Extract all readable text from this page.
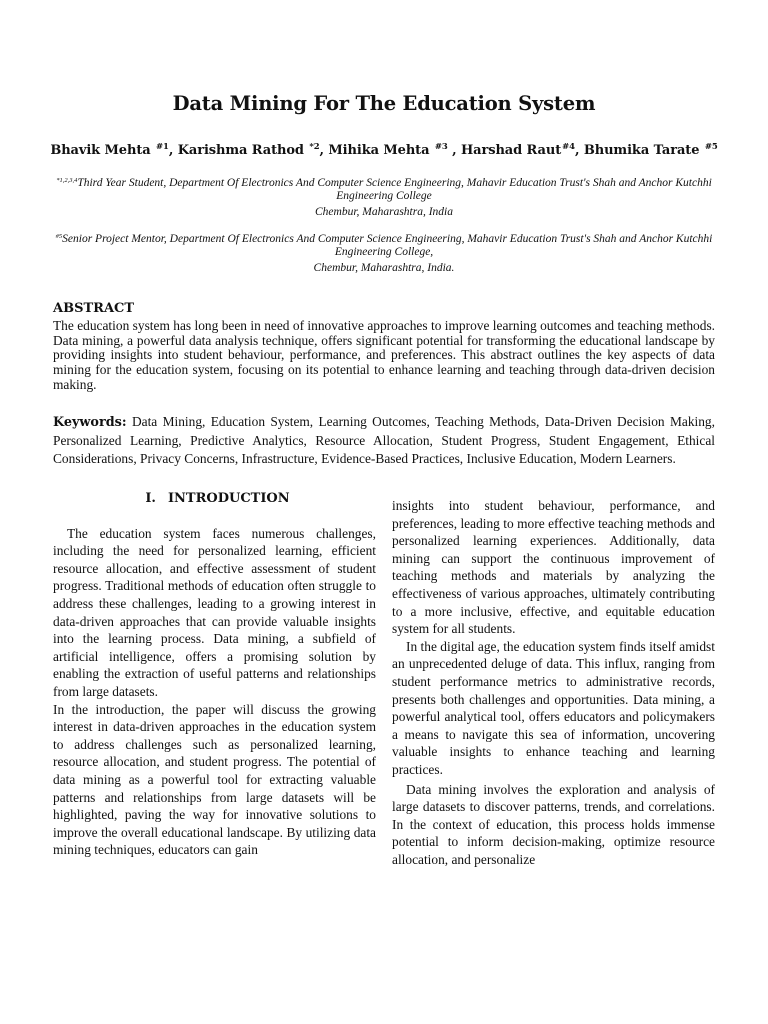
Data Mining For The Education System
Bhavik Mehta $^{\#1}$, Karishma Rathod $^{*2}$, Mihika Mehta $^{\#3}$ , Harshad Raut$^{\#4}$, Bhumika Tarate $^{\#5}$
$^{*1,2,3,4}$Third Year Student, Department Of Electronics And Computer Science Engineering, Mahavir Education Trust's Shah and Anchor Kutchhi Engineering College
Chembur, Maharashtra, India
$^{\#5}$Senior Project Mentor, Department Of Electronics And Computer Science Engineering, Mahavir Education Trust's Shah and Anchor Kutchhi Engineering College,
Chembur, Maharashtra, India.
ABSTRACT
The education system has long been in need of innovative approaches to improve learning outcomes and teaching methods. Data mining, a powerful data analysis technique, offers significant potential for transforming the educational landscape by providing insights into student behaviour, performance, and preferences. This abstract outlines the key aspects of data mining for the education system, focusing on its potential to enhance learning and teaching through data-driven decision making.
Keywords: Data Mining, Education System, Learning Outcomes, Teaching Methods, Data-Driven Decision Making, Personalized Learning, Predictive Analytics, Resource Allocation, Student Progress, Student Engagement, Ethical Considerations, Privacy Concerns, Infrastructure, Evidence-Based Practices, Inclusive Education, Modern Learners.
I. INTRODUCTION

The education system faces numerous challenges, including the need for personalized learning, efficient resource allocation, and effective assessment of student progress. Traditional methods of education often struggle to address these challenges, leading to a growing interest in data-driven approaches that can provide valuable insights into the learning process. Data mining, a subfield of artificial intelligence, offers a promising solution by enabling the extraction of useful patterns and relationships from large datasets.

In the introduction, the paper will discuss the growing interest in data-driven approaches in the education system to address challenges such as personalized learning, resource allocation, and student progress. The potential of data mining as a powerful tool for extracting valuable patterns and relationships from large datasets will be highlighted, paving the way for innovative solutions to improve the overall educational landscape. By utilizing data mining techniques, educators can gain

insights into student behaviour, performance, and preferences, leading to more effective teaching methods and personalized learning experiences. Additionally, data mining can support the continuous improvement of teaching methods and materials by analyzing the effectiveness of various approaches, ultimately contributing to a more inclusive, effective, and equitable education system for all students.

In the digital age, the education system finds itself amidst an unprecedented deluge of data. This influx, ranging from student performance metrics to administrative records, presents both challenges and opportunities. Data mining, a powerful analytical tool, offers educators and policymakers a means to navigate this sea of information, uncovering valuable insights to enhance teaching and learning practices.

Data mining involves the exploration and analysis of large datasets to discover patterns, trends, and correlations. In the context of education, this process holds immense potential to inform decision-making, optimize resource allocation, and personalize
